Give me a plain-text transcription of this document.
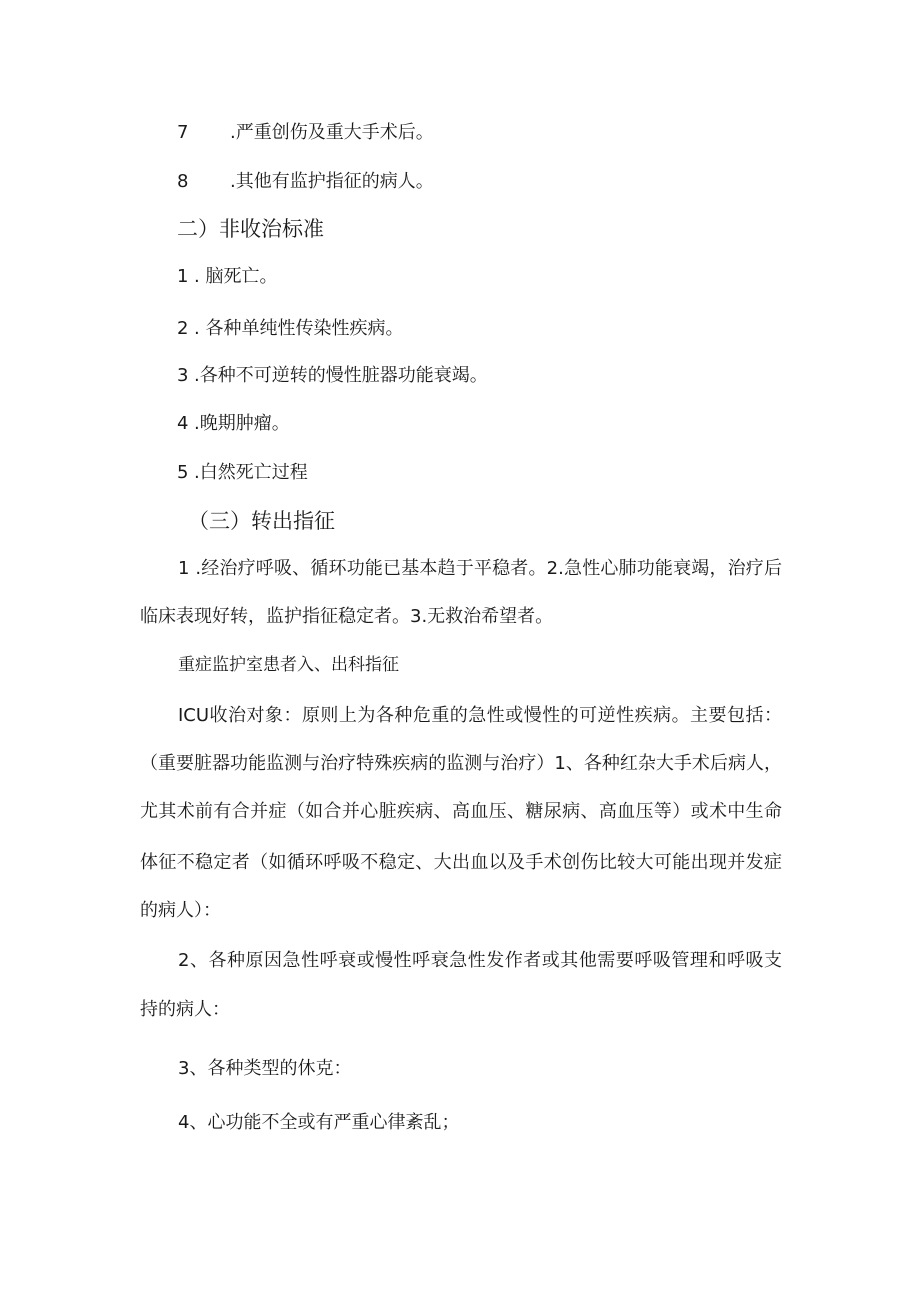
7 .严重创伤及重大手术后。
8 .其他有监护指征的病人。
二）非收治标准
1 . 脑死亡。
2 . 各种单纯性传染性疾病。
3 .各种不可逆转的慢性脏器功能衰竭。
4 .晚期肿瘤。
5 .白然死亡过程
（三）转出指征
1 .经治疗呼吸、循环功能已基本趋于平稳者。2.急性心肺功能衰竭，治疗后
临床表现好转，监护指征稳定者。3.无救治希望者。
重症监护室患者入、出科指征
ICU收治对象：原则上为各种危重的急性或慢性的可逆性疾病。主要包括：
（重要脏器功能监测与治疗特殊疾病的监测与治疗）1、各种红杂大手术后病人，
尤其术前有合并症（如合并心脏疾病、高血压、糖尿病、高血压等）或术中生命
体征不稳定者（如循环呼吸不稳定、大出血以及手术创伤比较大可能出现并发症
的病人）：
2、各种原因急性呼衰或慢性呼衰急性发作者或其他需要呼吸管理和呼吸支
持的病人：
3、各种类型的休克：
4、心功能不全或有严重心律紊乱；
